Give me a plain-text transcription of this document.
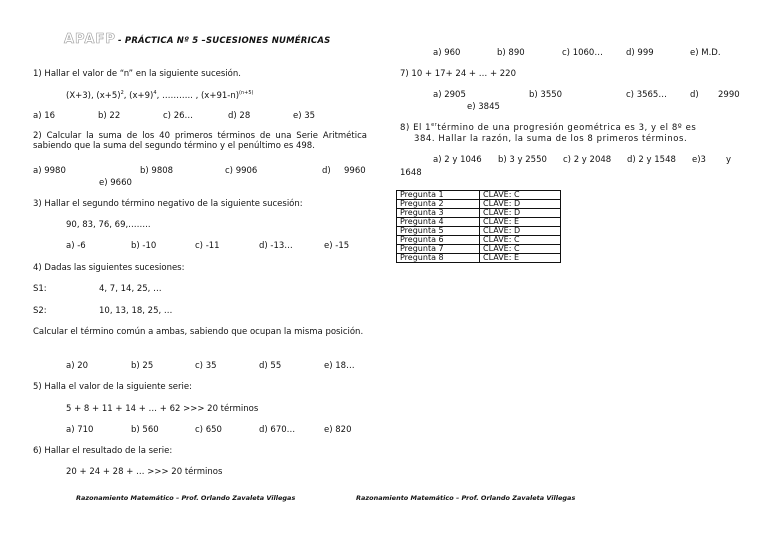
APAFP - PRÁCTICA Nº 5 –SUCESIONES NUMÉRICAS
1) Hallar el valor de “n” en la siguiente sucesión.
(X+3), $(x+5)^2$, $(x+9)^4$, ……….. , $(x+91-n)^{(n+5)}$
a) 16	b) 22	c) 26…	d) 28	e) 35
2) Calcular la suma de los 40 primeros términos de una Serie Aritmética sabiendo que la suma del segundo término y el penúltimo es 498.
a) 9980	b) 9808	c) 9906	d)	9960
e) 9660
3) Hallar el segundo término negativo de la siguiente sucesión:
90, 83, 76, 69,……..
a) -6	b) -10	c) -11	d) -13…	e) -15
4) Dadas las siguientes sucesiones:
S1:	4, 7, 14, 25, …
S2:	10, 13, 18, 25, …
Calcular el término común a ambas, sabiendo que ocupan la misma posición.
a) 20	b) 25	c) 35	d) 55	e) 18…
5) Halla el valor de la siguiente serie:
5 + 8 + 11 + 14 + … + 62 >>> 20 términos
a) 710	b) 560	c) 650	d) 670…	e) 820
6) Hallar el resultado de la serie:
20 + 24 + 28 + … >>> 20 términos
Razonamiento Matemático – Prof. Orlando Zavaleta Villegas
a) 960	b) 890	c) 1060…	d) 999	e) M.D.
7) 10 + 17+ 24 + … + 220
a) 2905	b) 3550	c) 3565…	d)	2990
e) 3845
8) El 1ertérmino de una progresión geométrica es 3, y el 8º es
384. Hallar la razón, la suma de los 8 primeros términos.
a) 2 y 1046	b) 3 y 2550	c) 2 y 2048	d) 2 y 1548	e)3	y
1648
Pregunta 1	CLAVE: C
Pregunta 2	CLAVE: D
Pregunta 3	CLAVE: D
Pregunta 4	CLAVE: E
Pregunta 5	CLAVE: D
Pregunta 6	CLAVE: C
Pregunta 7	CLAVE: C
Pregunta 8	CLAVE: E
Razonamiento Matemático – Prof. Orlando Zavaleta Villegas
